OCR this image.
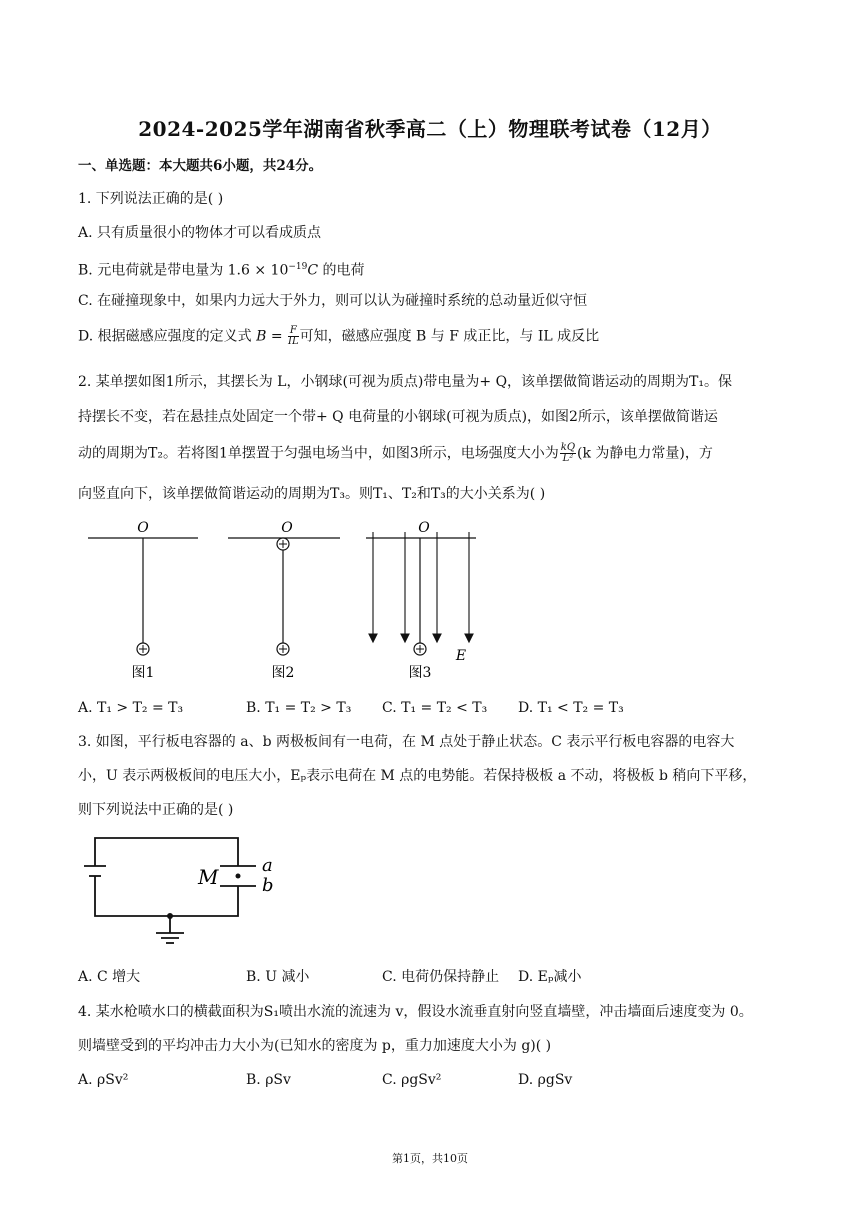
2024-2025学年湖南省秋季高二（上）物理联考试卷（12月）
一、单选题：本大题共6小题，共24分。
1. 下列说法正确的是( )
A. 只有质量很小的物体才可以看成质点
B. 元电荷就是带电量为 $1.6 \times 10^{-19}C$ 的电荷
C. 在碰撞现象中，如果内力远大于外力，则可以认为碰撞时系统的总动量近似守恒
D. 根据磁感应强度的定义式 $B = \frac{F}{IL}$ 可知，磁感应强度 B 与 F 成正比，与 IL 成反比
2. 某单摆如图1所示，其摆长为 L，小钢球(可视为质点)带电量为+ Q，该单摆做简谐运动的周期为T₁。保
持摆长不变，若在悬挂点处固定一个带+ Q 电荷量的小钢球(可视为质点)，如图2所示，该单摆做简谐运
动的周期为T₂。若将图1单摆置于匀强电场当中，如图3所示，电场强度大小为 $\frac{kQ}{\text{L²}} (k$ 为静电力常量)，方
向竖直向下，该单摆做简谐运动的周期为T₃。则T₁、T₂和T₃的大小关系为( )
O
图1
O
图2
O
图3
E
A. T₁ > T₂ = T₃	B. T₁ = T₂ > T₃ C. T₁ = T₂ < T₃ D. T₁ < T₂ = T₃
3. 如图，平行板电容器的 a、b 两极板间有一电荷，在 M 点处于静止状态。C 表示平行板电容器的电容大
小，U 表示两极板间的电压大小，Eₚ表示电荷在 M 点的电势能。若保持极板 a 不动，将极板 b 稍向下平移，
则下列说法中正确的是( )
M a
b
A. C 增大	B. U 减小	C. 电荷仍保持静止 D. Eₚ减小
4. 某水枪喷水口的横截面积为S₁喷出水流的流速为 v，假设水流垂直射向竖直墙壁，冲击墙面后速度变为 0。
则墙壁受到的平均冲击力大小为(已知水的密度为 p，重力加速度大小为 g)( )
A. ρSv²	B. ρSv	C. ρgSv²	D. ρgSv
第1页，共10页
